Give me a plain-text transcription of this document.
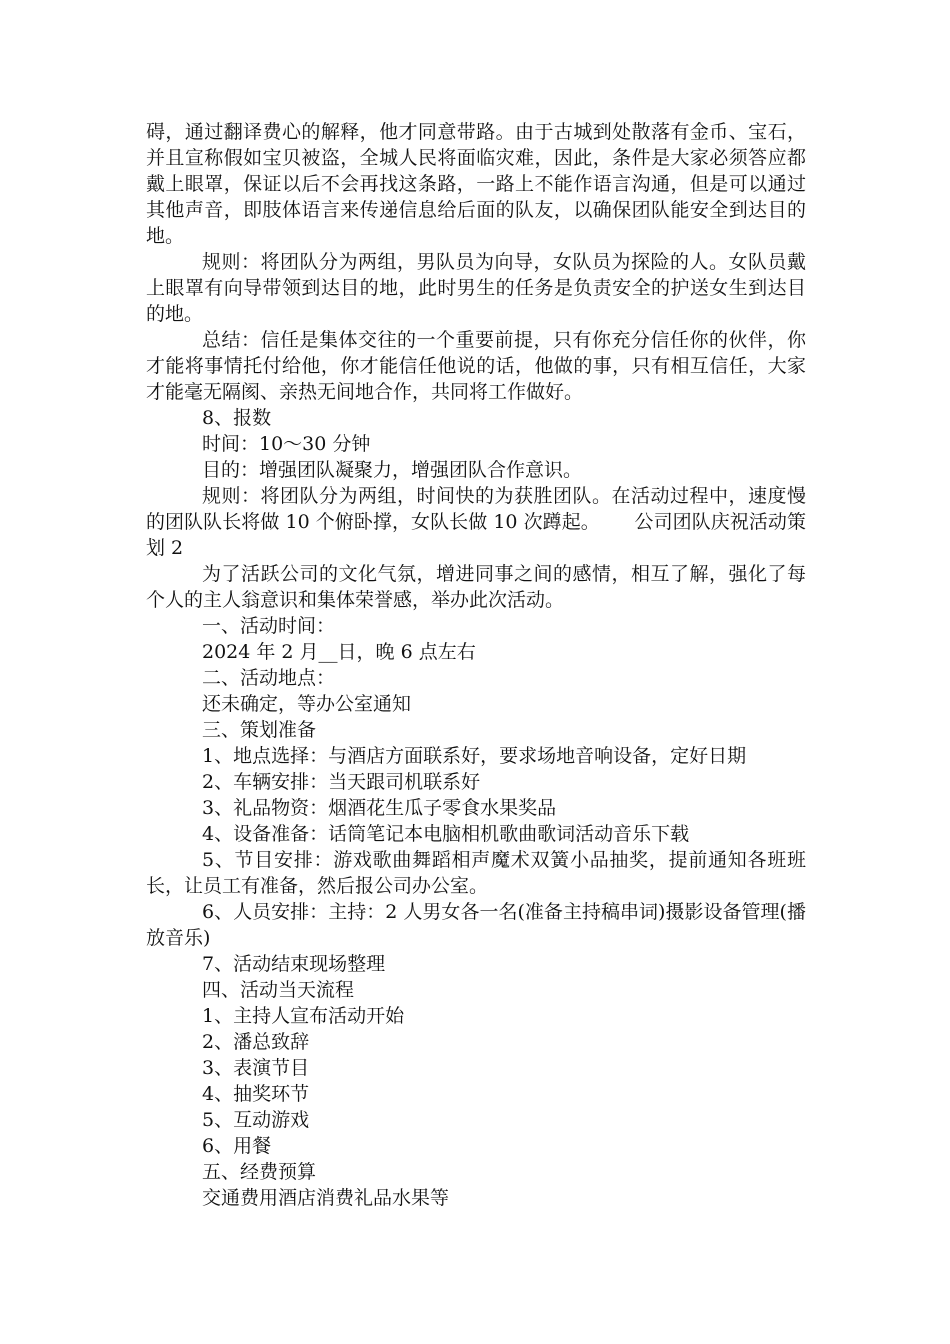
碍，通过翻译费心的解释，他才同意带路。由于古城到处散落有金币、宝石，并且宣称假如宝贝被盗，全城人民将面临灾难，因此，条件是大家必须答应都戴上眼罩，保证以后不会再找这条路，一路上不能作语言沟通，但是可以通过其他声音，即肢体语言来传递信息给后面的队友，以确保团队能安全到达目的地。

规则：将团队分为两组，男队员为向导，女队员为探险的人。女队员戴上眼罩有向导带领到达目的地，此时男生的任务是负责安全的护送女生到达目的地。

总结：信任是集体交往的一个重要前提，只有你充分信任你的伙伴，你才能将事情托付给他，你才能信任他说的话，他做的事，只有相互信任，大家才能毫无隔阂、亲热无间地合作，共同将工作做好。

8、报数

时间：10～30 分钟

目的：增强团队凝聚力，增强团队合作意识。

规则：将团队分为两组，时间快的为获胜团队。在活动过程中，速度慢的团队队长将做 10 个俯卧撑，女队长做 10 次蹲起。　　 公司团队庆祝活动策划 2

为了活跃公司的文化气氛，增进同事之间的感情，相互了解，强化了每个人的主人翁意识和集体荣誉感，举办此次活动。

一、活动时间：

2024 年 2 月__日，晚 6 点左右

二、活动地点：

还未确定，等办公室通知

三、策划准备

1、地点选择：与酒店方面联系好，要求场地音响设备，定好日期

2、车辆安排：当天跟司机联系好

3、礼品物资：烟酒花生瓜子零食水果奖品

4、设备准备：话筒笔记本电脑相机歌曲歌词活动音乐下载

5、节目安排：游戏歌曲舞蹈相声魔术双簧小品抽奖，提前通知各班班长，让员工有准备，然后报公司办公室。

6、人员安排：主持：2 人男女各一名(准备主持稿串词)摄影设备管理(播放音乐)

7、活动结束现场整理

四、活动当天流程

1、主持人宣布活动开始

2、潘总致辞

3、表演节目

4、抽奖环节

5、互动游戏

6、用餐

五、经费预算

交通费用酒店消费礼品水果等
